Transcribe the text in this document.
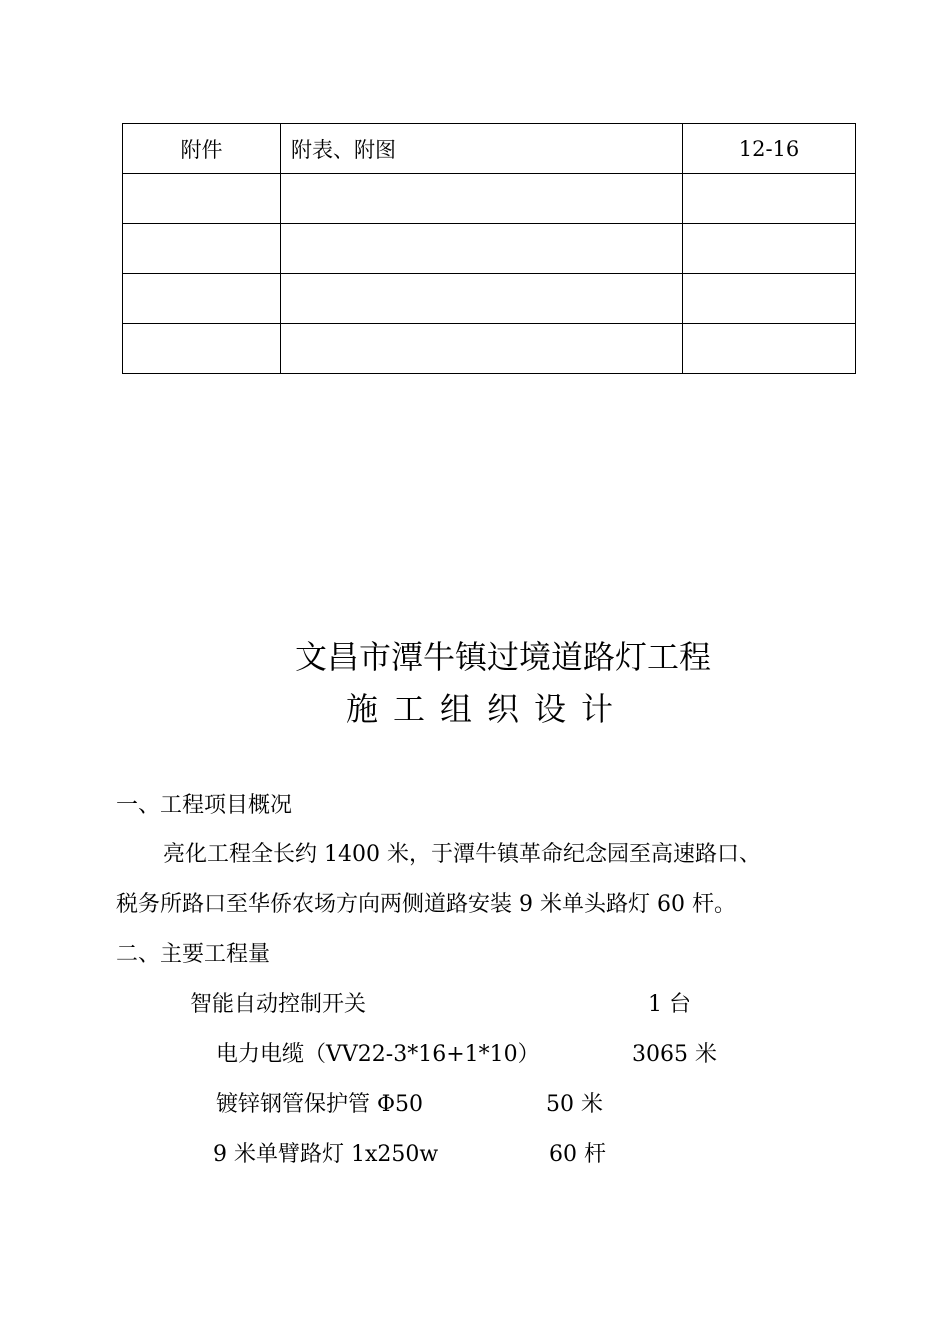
附件	附表、附图	12-16

文昌市潭牛镇过境道路灯工程
施工组织设计
一、工程项目概况
亮化工程全长约 1400 米，于潭牛镇革命纪念园至高速路口、
税务所路口至华侨农场方向两侧道路安装 9 米单头路灯 60 杆。
二、主要工程量
智能自动控制开关	1 台
电力电缆（VV22-3*16+1*10）	3065 米
镀锌钢管保护管 Φ50	50 米
9 米单臂路灯 1x250w	60 杆
